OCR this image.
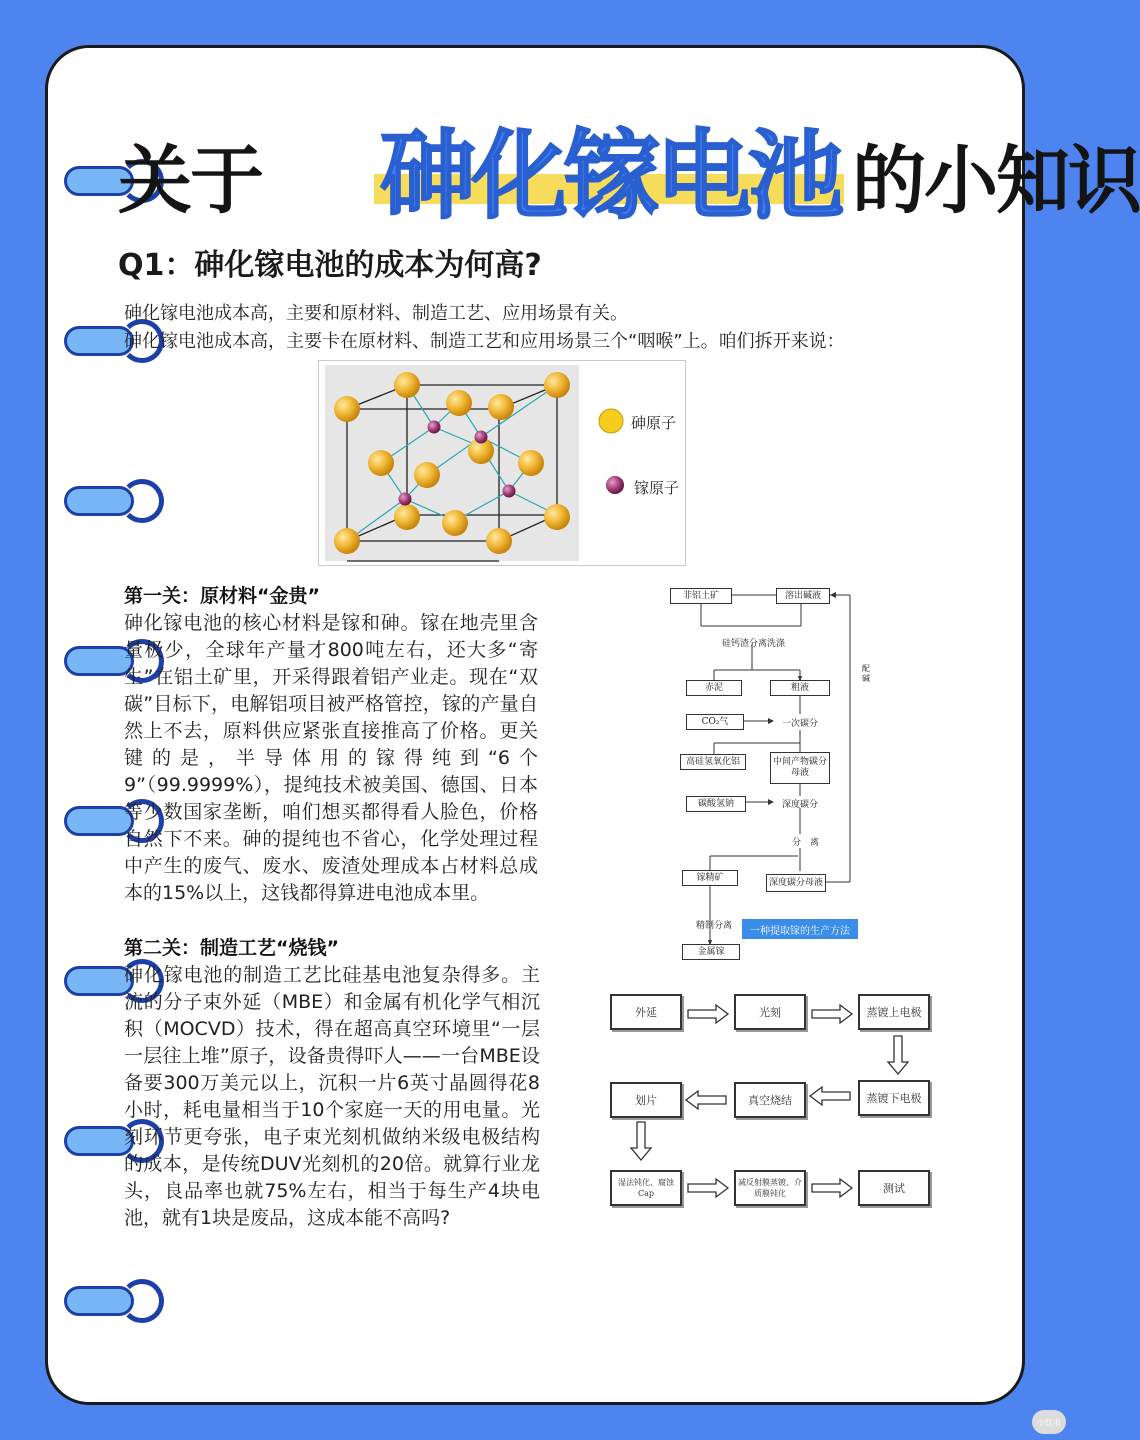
关于 砷化镓电池 的小知识
Q1：砷化镓电池的成本为何高?
砷化镓电池成本高，主要和原材料、制造工艺、应用场景有关。
砷化镓电池成本高，主要卡在原材料、制造工艺和应用场景三个“咽喉”上。咱们拆开来说：
砷原子
镓原子
第一关：原材料“金贵”
砷化镓电池的核心材料是镓和砷。镓在地壳里含量极少，全球年产量才800吨左右，还大多“寄生”在铝土矿里，开采得跟着铝产业走。现在“双碳”目标下，电解铝项目被严格管控，镓的产量自然上不去，原料供应紧张直接推高了价格。更关键的是，半导体用的镓得纯到“6个9”（99.9999%），提纯技术被美国、德国、日本等少数国家垄断，咱们想买都得看人脸色，价格自然下不来。砷的提纯也不省心，化学处理过程中产生的废气、废水、废渣处理成本占材料总成本的15%以上，这钱都得算进电池成本里。
第二关：制造工艺“烧钱”
砷化镓电池的制造工艺比硅基电池复杂得多。主流的分子束外延（MBE）和金属有机化学气相沉积（MOCVD）技术，得在超高真空环境里“一层一层往上堆”原子，设备贵得吓人——一台MBE设备要300万美元以上，沉积一片6英寸晶圆得花8小时，耗电量相当于10个家庭一天的用电量。光刻环节更夸张，电子束光刻机做纳米级电极结构的成本，是传统DUV光刻机的20倍。就算行业龙头，良品率也就75%左右，相当于每生产4块电池，就有1块是废品，这成本能不高吗?
非铝土矿	溶出碱液
硅钙渣分离洗涤
赤泥	粗液
CO₂气	一次碳分
高硅氢氧化铝	中间产物碳分母液
碳酸氢钠	深度碳分
分　离
镓精矿	深度碳分母液
精制分离	一种提取镓的生产方法
金属镓
配碱
外延	光刻	蒸镀上电极
蒸镀下电极
真空烧结
划片
湿法钝化、腐蚀 Cap
减反射膜蒸镀、介质膜钝化	测试
小红书
